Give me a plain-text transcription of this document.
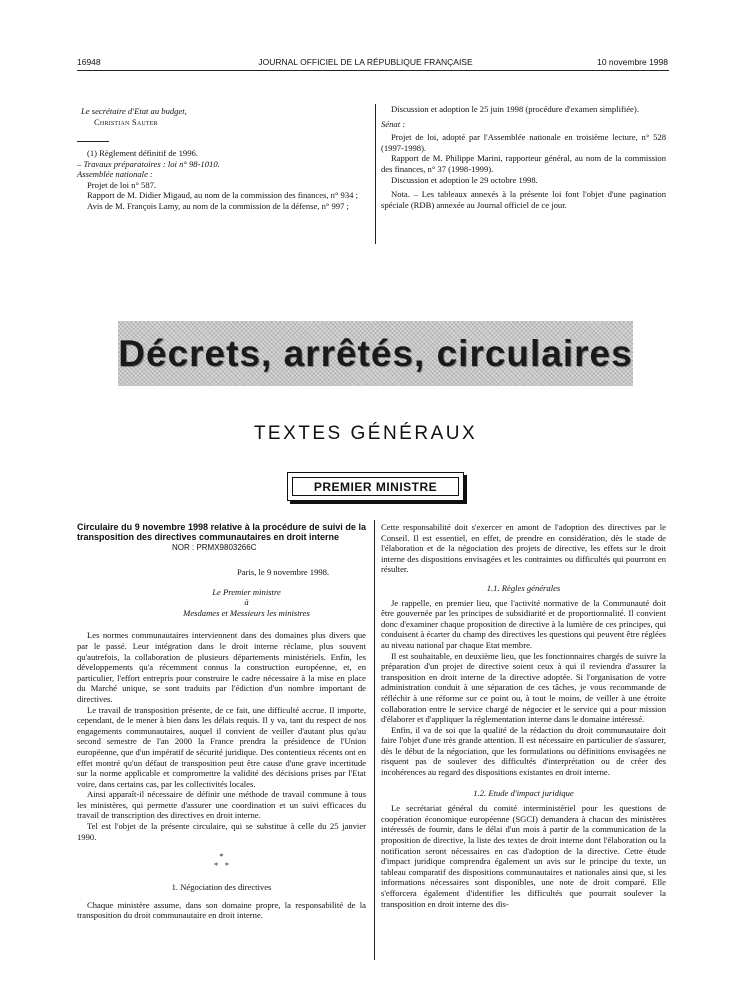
16948	JOURNAL OFFICIEL DE LA RÉPUBLIQUE FRANÇAISE	10 novembre 1998

Le secrétaire d'Etat au budget,

Christian Sauter

(1) Règlement définitif de 1996.

– Travaux préparatoires : loi n° 98-1010.

Assemblée nationale :

Projet de loi n° 587.

Rapport de M. Didier Migaud, au nom de la commission des finances, n° 934 ;

Avis de M. François Lamy, au nom de la commission de la défense, n° 997 ;

Discussion et adoption le 25 juin 1998 (procédure d'examen simplifiée).

Sénat :

Projet de loi, adopté par l'Assemblée nationale en troisième lecture, n° 528 (1997-1998).

Rapport de M. Philippe Marini, rapporteur général, au nom de la commission des finances, n° 37 (1998-1999).

Discussion et adoption le 29 octobre 1998.

Nota. – Les tableaux annexés à la présente loi font l'objet d'une pagination spéciale (RDB) annexée au Journal officiel de ce jour.

Décrets, arrêtés, circulaires
TEXTES GÉNÉRAUX
PREMIER MINISTRE

Circulaire du 9 novembre 1998 relative à la procédure de suivi de la transposition des directives communautaires en droit interne

NOR : PRMX9803266C

Paris, le 9 novembre 1998.

Le Premier ministre

à

Mesdames et Messieurs les ministres

Les normes communautaires interviennent dans des domaines plus divers que par le passé. Leur intégration dans le droit interne réclame, plus souvent qu'autrefois, la collaboration de plusieurs départements ministériels. Enfin, les développements qu'a récemment connus la construction européenne, et, en particulier, l'effort entrepris pour construire le cadre nécessaire à la mise en place du Marché unique, se sont traduits par l'édiction d'un nombre important de directives.

Le travail de transposition présente, de ce fait, une difficulté accrue. Il importe, cependant, de le mener à bien dans les délais requis. Il y va, tant du respect de nos engagements communautaires, auquel il convient de veiller d'autant plus qu'au second semestre de l'an 2000 la France prendra la présidence de l'Union européenne, que d'un impératif de sécurité juridique. Des contentieux récents ont en effet montré qu'un défaut de transposition peut être cause d'une grave incertitude sur la norme applicable et compromettre la validité des décisions prises par l'Etat voire, dans certains cas, par les collectivités locales.

Ainsi apparaît-il nécessaire de définir une méthode de travail commune à tous les ministères, qui permette d'assurer une coordination et un suivi efficaces du travail de transcription des directives en droit interne.

Tel est l'objet de la présente circulaire, qui se substitue à celle du 25 janvier 1990.

*
* *

1. Négociation des directives

Chaque ministère assume, dans son domaine propre, la responsabilité de la transposition du droit communautaire en droit interne.

Cette responsabilité doit s'exercer en amont de l'adoption des directives par le Conseil. Il est essentiel, en effet, de prendre en considération, dès le stade de l'élaboration et de la négociation des projets de directive, les effets sur le droit interne des dispositions envisagées et les contraintes ou difficultés qui pourront en résulter.

1.1. Règles générales

Je rappelle, en premier lieu, que l'activité normative de la Communauté doit être gouvernée par les principes de subsidiarité et de proportionnalité. Il convient donc d'examiner chaque proposition de directive à la lumière de ces principes, qui conduisent à écarter du champ des directives les questions qui peuvent être réglées au niveau national par chaque Etat membre.

Il est souhaitable, en deuxième lieu, que les fonctionnaires chargés de suivre la préparation d'un projet de directive soient ceux à qui il reviendra d'assurer la transposition en droit interne de la directive adoptée. Si l'organisation de votre administration conduit à une séparation de ces tâches, je vous recommande de réfléchir à une réforme sur ce point ou, à tout le moins, de veiller à une étroite collaboration entre le service chargé de négocier et le service qui a pour mission d'élaborer et d'appliquer la réglementation interne dans le domaine intéressé.

Enfin, il va de soi que la qualité de la rédaction du droit communautaire doit faire l'objet d'une très grande attention. Il est nécessaire en particulier de s'assurer, dès le début de la négociation, que les formulations ou définitions envisagées ne risquent pas de soulever des difficultés d'interprétation ou de créer des incohérences au regard des dispositions existantes en droit interne.

1.2. Etude d'impact juridique

Le secrétariat général du comité interministériel pour les questions de coopération économique européenne (SGCI) demandera à chacun des ministères intéressés de fournir, dans le délai d'un mois à partir de la communication de la proposition de directive, la liste des textes de droit interne dont l'élaboration ou la notification seront nécessaires en cas d'adoption de la directive. Cette étude d'impact juridique comprendra également un avis sur le principe du texte, un tableau comparatif des dispositions communautaires et nationales ainsi que, si les informations nécessaires sont disponibles, une note de droit comparé. Elle s'efforcera également d'identifier les difficultés que pourrait soulever la transposition en droit interne des dis-
